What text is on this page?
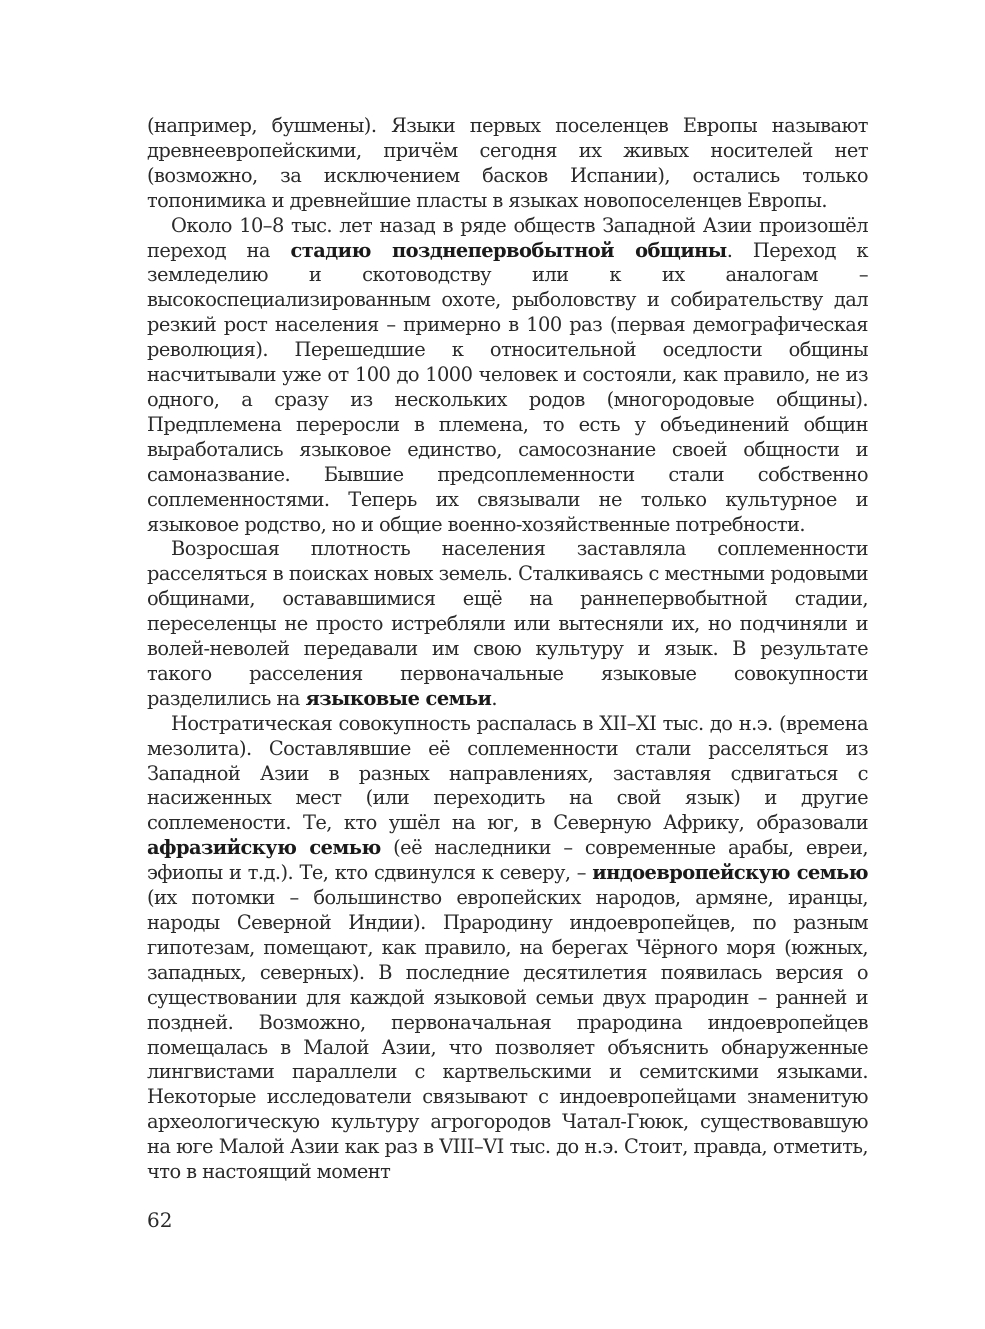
(например, бушмены). Языки первых поселенцев Европы называют древнеевропейскими, причём сегодня их живых носителей нет (возможно, за исключением басков Испании), остались только топонимика и древнейшие пласты в языках новопоселенцев Европы.

Около 10–8 тыс. лет назад в ряде обществ Западной Азии произошёл переход на стадию позднепервобытной общины. Переход к земледелию и скотоводству или к их аналогам – высокоспециализированным охоте, рыболовству и собирательству дал резкий рост населения – примерно в 100 раз (первая демографическая революция). Перешедшие к относительной оседлости общины насчитывали уже от 100 до 1000 человек и состояли, как правило, не из одного, а сразу из нескольких родов (многородовые общины). Предплемена переросли в племена, то есть у объединений общин выработались языковое единство, самосознание своей общности и самоназвание. Бывшие предсоплеменности стали собственно соплеменностями. Теперь их связывали не только культурное и языковое родство, но и общие военно-хозяйственные потребности.

Возросшая плотность населения заставляла соплеменности расселяться в поисках новых земель. Сталкиваясь с местными родовыми общинами, остававшимися ещё на раннепервобытной стадии, переселенцы не просто истребляли или вытесняли их, но подчиняли и волей-неволей передавали им свою культуру и язык. В результате такого расселения первоначальные языковые совокупности разделились на языковые семьи.

Ностратическая совокупность распалась в XII–XI тыс. до н.э. (времена мезолита). Составлявшие её соплеменности стали расселяться из Западной Азии в разных направлениях, заставляя сдвигаться с насиженных мест (или переходить на свой язык) и другие соплемености. Те, кто ушёл на юг, в Северную Африку, образовали афразийскую семью (её наследники – современные арабы, евреи, эфиопы и т.д.). Те, кто сдвинулся к северу, – индоевропейскую семью (их потомки – большинство европейских народов, армяне, иранцы, народы Северной Индии). Прародину индоевропейцев, по разным гипотезам, помещают, как правило, на берегах Чёрного моря (южных, западных, северных). В последние десятилетия появилась версия о существовании для каждой языковой семьи двух прародин – ранней и поздней. Возможно, первоначальная прародина индоевропейцев помещалась в Малой Азии, что позволяет объяснить обнаруженные лингвистами параллели с картвельскими и семитскими языками. Некоторые исследователи связывают с индоевропейцами знаменитую археологическую культуру агрогородов Чатал-Гююк, существовавшую на юге Малой Азии как раз в VIII–VI тыс. до н.э. Стоит, правда, отметить, что в настоящий момент

62
